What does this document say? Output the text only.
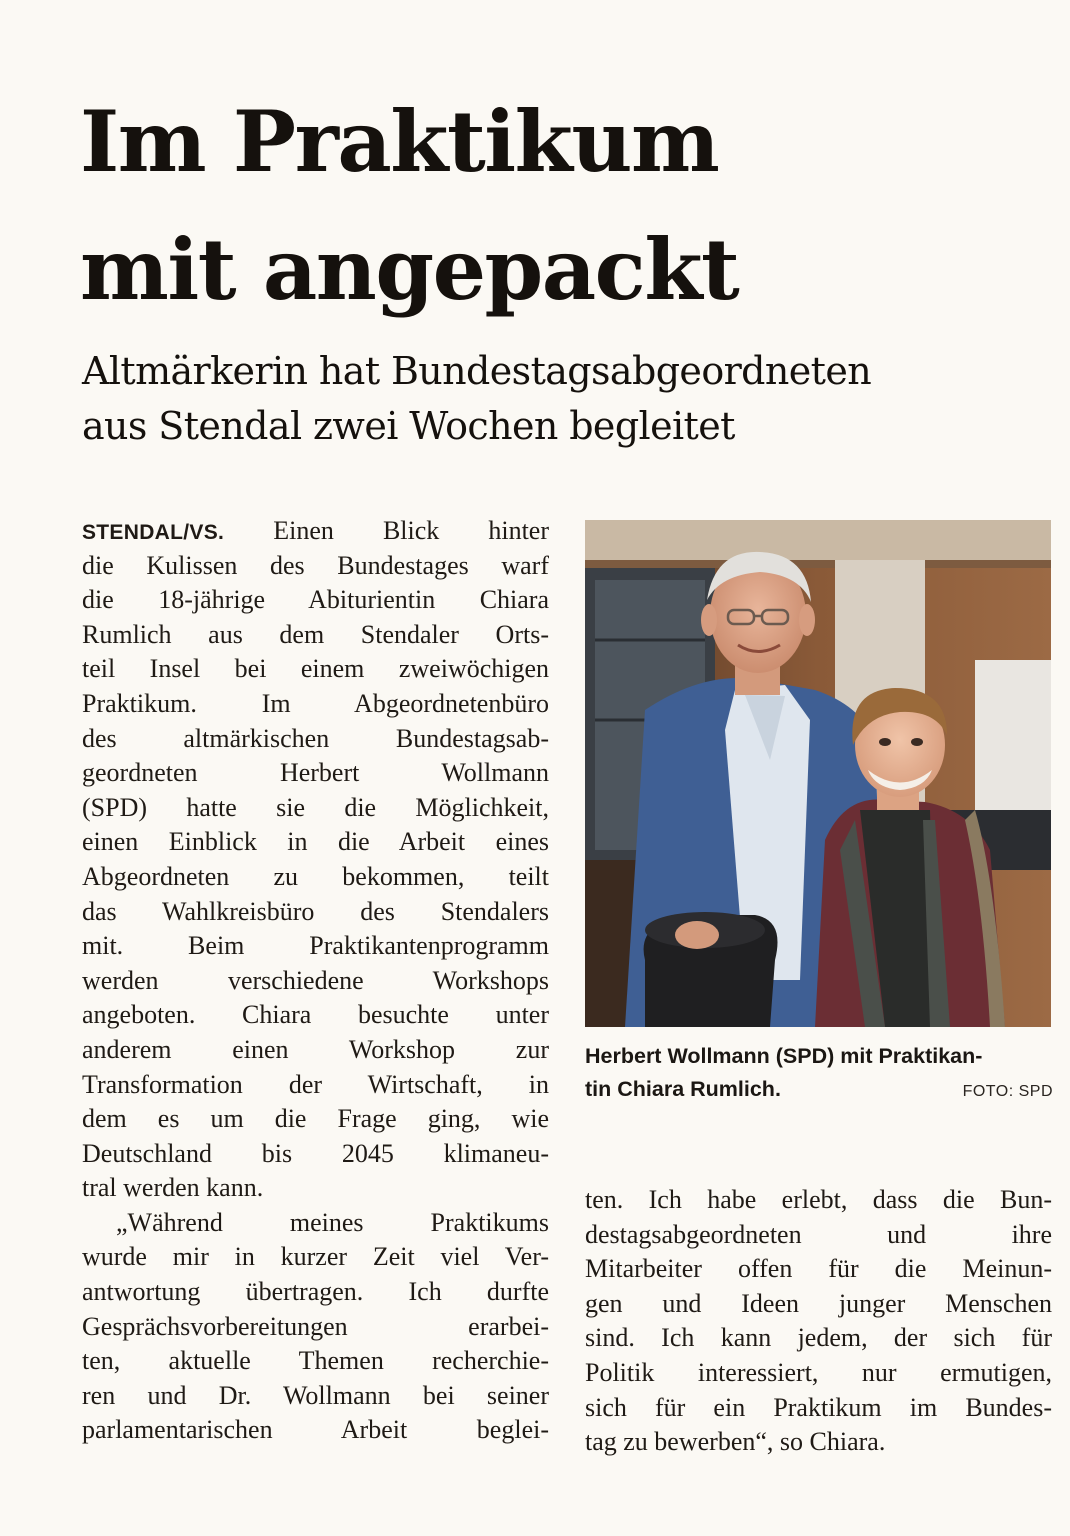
Im Praktikum
mit angepackt
Altmärkerin hat Bundestagsabgeordneten
aus Stendal zwei Wochen begleitet
STENDAL/VS. Einen Blick hinter
die Kulissen des Bundestages warf
die 18-jährige Abiturientin Chiara
Rumlich aus dem Stendaler Orts-
teil Insel bei einem zweiwöchigen
Praktikum. Im Abgeordnetenbüro
des altmärkischen Bundestagsab-
geordneten Herbert Wollmann
(SPD) hatte sie die Möglichkeit,
einen Einblick in die Arbeit eines
Abgeordneten zu bekommen, teilt
das Wahlkreisbüro des Stendalers
mit. Beim Praktikantenprogramm
werden verschiedene Workshops
angeboten. Chiara besuchte unter
anderem einen Workshop zur
Transformation der Wirtschaft, in
dem es um die Frage ging, wie
Deutschland bis 2045 klimaneu-
tral werden kann.
„Während meines Praktikums
wurde mir in kurzer Zeit viel Ver-
antwortung übertragen. Ich durfte
Gesprächsvorbereitungen erarbei-
ten, aktuelle Themen recherchie-
ren und Dr. Wollmann bei seiner
parlamentarischen Arbeit beglei-
Herbert Wollmann (SPD) mit Praktikan-
tin Chiara Rumlich.	FOTO: SPD
ten. Ich habe erlebt, dass die Bun-
destagsabgeordneten und ihre
Mitarbeiter offen für die Meinun-
gen und Ideen junger Menschen
sind. Ich kann jedem, der sich für
Politik interessiert, nur ermutigen,
sich für ein Praktikum im Bundes-
tag zu bewerben“, so Chiara.
